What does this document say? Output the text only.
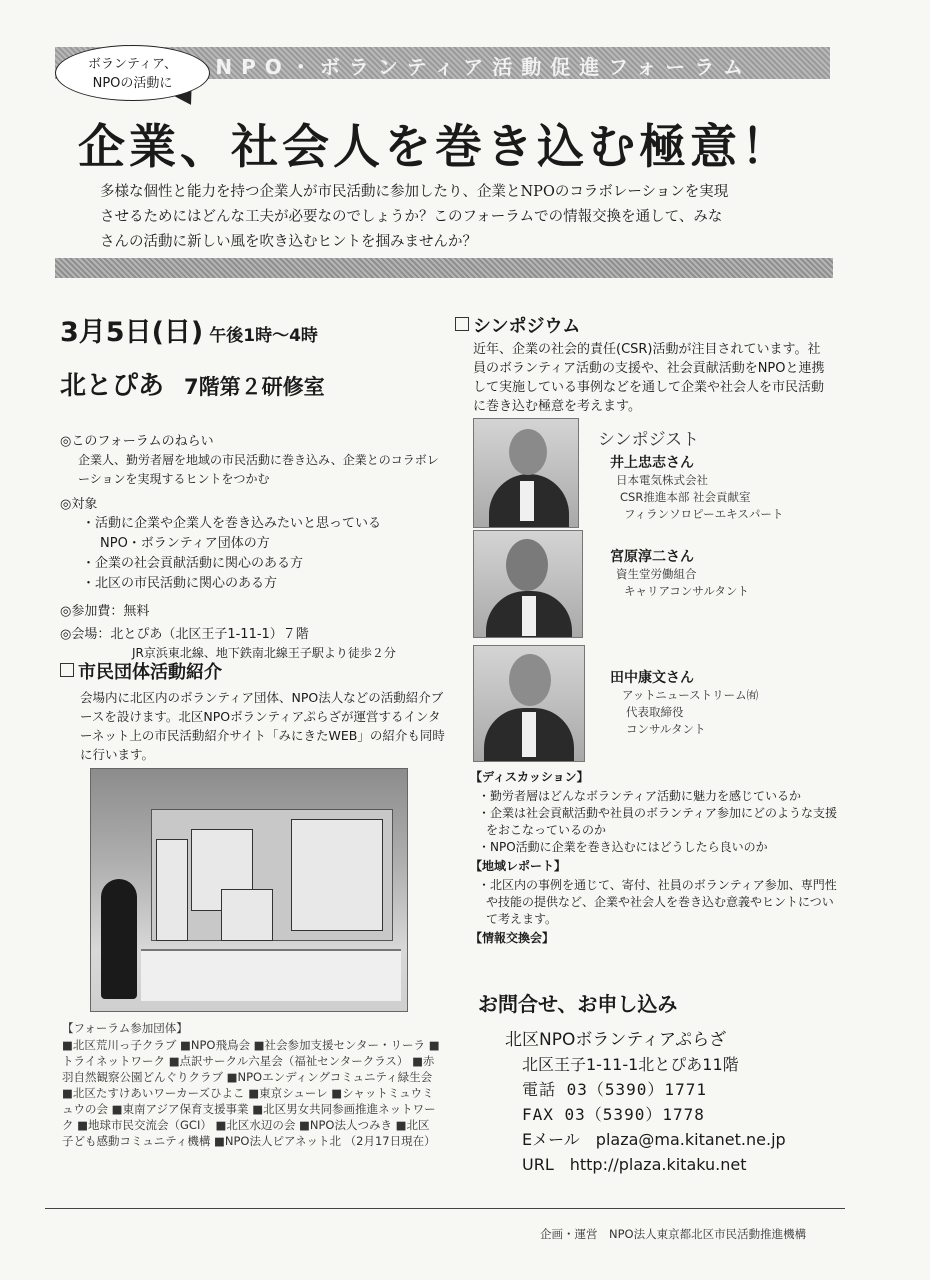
NPO・ボランティア活動促進フォーラム
ボランティア、
NPOの活動に
企業、社会人を巻き込む極意！
多様な個性と能力を持つ企業人が市民活動に参加したり、企業とNPOのコラボレーションを実現
させるためにはどんな工夫が必要なのでしょうか？このフォーラムでの情報交換を通して、みな
さんの活動に新しい風を吹き込むヒントを掴みませんか？
3月5日(日) 午後1時〜4時
北とぴあ 7階第２研修室
◎このフォーラムのねらい
企業人、勤労者層を地域の市民活動に巻き込み、企業とのコラボレーションを実現するヒントをつかむ
◎対象
・活動に企業や企業人を巻き込みたいと思っている
NPO・ボランティア団体の方
・企業の社会貢献活動に関心のある方
・北区の市民活動に関心のある方
◎参加費：無料
◎会場：北とぴあ（北区王子1-11-1）７階
JR京浜東北線、地下鉄南北線王子駅より徒歩２分
市民団体活動紹介
会場内に北区内のボランティア団体、NPO法人などの活動紹介ブースを設けます。北区NPOボランティアぷらざが運営するインターネット上の市民活動紹介サイト「みにきたWEB」の紹介も同時に行います。
【フォーラム参加団体】
■北区荒川っ子クラブ ■NPO飛鳥会 ■社会参加支援センター・リーラ ■トライネットワーク ■点訳サークル六星会（福祉センタークラス） ■赤羽自然観察公園どんぐりクラブ ■NPOエンディングコミュニティ緑生会 ■北区たすけあいワーカーズひよこ ■東京シューレ ■シャットミュウミュウの会 ■東南アジア保育支援事業 ■北区男女共同参画推進ネットワーク ■地球市民交流会（GCI） ■北区水辺の会 ■NPO法人つみき ■北区子ども感動コミュニティ機構 ■NPO法人ピアネット北 （2月17日現在）
シンポジウム
近年、企業の社会的責任(CSR)活動が注目されています。社員のボランティア活動の支援や、社会貢献活動をNPOと連携して実施している事例などを通して企業や社会人を市民活動に巻き込む極意を考えます。
シンポジスト
井上忠志さん
日本電気株式会社
CSR推進本部 社会貢献室
フィランソロピーエキスパート
宮原淳二さん
資生堂労働組合
キャリアコンサルタント
田中康文さん
アットニューストリーム㈲
代表取締役
コンサルタント
【ディスカッション】
・勤労者層はどんなボランティア活動に魅力を感じているか
・企業は社会貢献活動や社員のボランティア参加にどのような支援をおこなっているのか
・NPO活動に企業を巻き込むにはどうしたら良いのか
【地域レポート】
・北区内の事例を通じて、寄付、社員のボランティア参加、専門性や技能の提供など、企業や社会人を巻き込む意義やヒントについて考えます。
【情報交換会】
お問合せ、お申し込み
北区NPOボランティアぷらざ
北区王子1-11-1北とぴあ11階
電話 03（5390）1771
FAX 03（5390）1778
Eメール　plaza@ma.kitanet.ne.jp
URL　http://plaza.kitaku.net
企画・運営　NPO法人東京都北区市民活動推進機構
